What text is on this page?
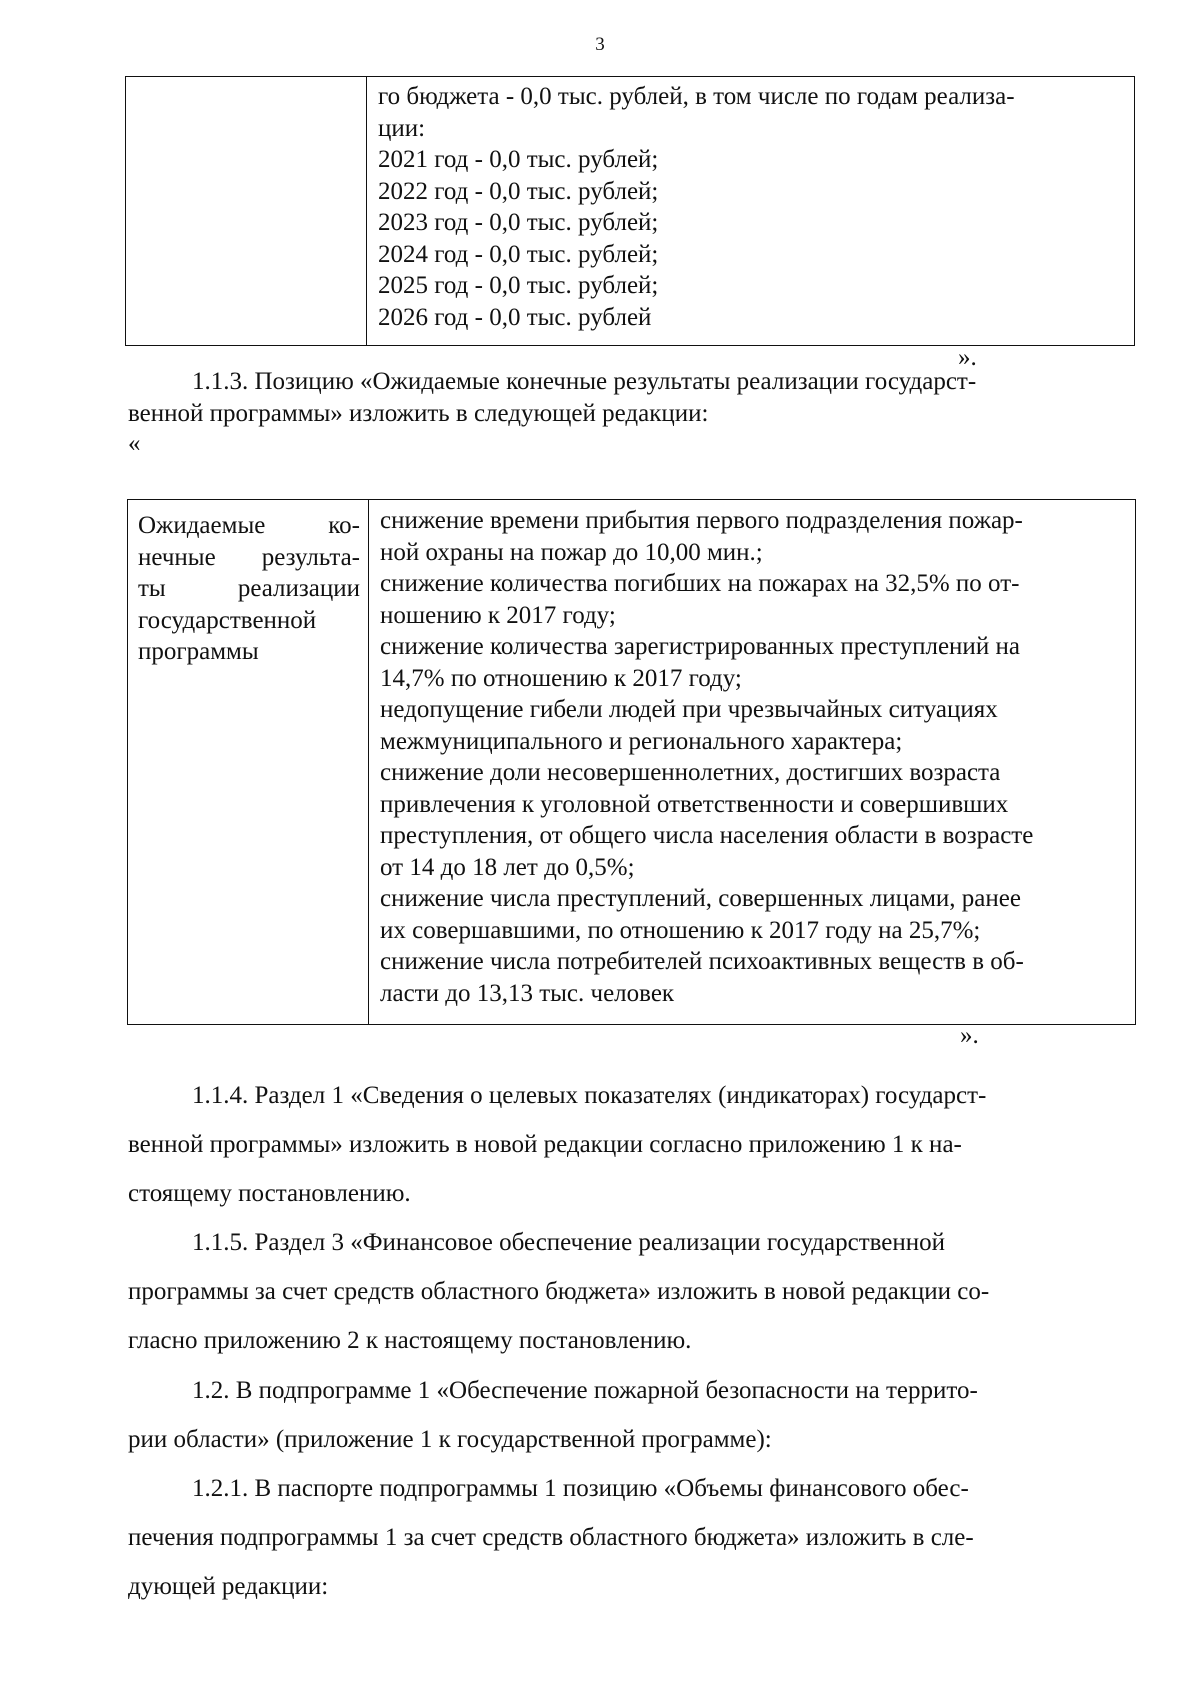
3
го бюджета - 0,0 тыс. рублей, в том числе по годам реализа-
ции:
2021 год - 0,0 тыс. рублей;
2022 год - 0,0 тыс. рублей;
2023 год - 0,0 тыс. рублей;
2024 год - 0,0 тыс. рублей;
2025 год - 0,0 тыс. рублей;
2026 год - 0,0 тыс. рублей
».
1.1.3. Позицию «Ожидаемые конечные результаты реализации государст-
венной программы» изложить в следующей редакции:
«
Ожидаемые ко-
нечные результа-
ты реализации
государственной
программы
снижение времени прибытия первого подразделения пожар-
ной охраны на пожар до 10,00 мин.;
снижение количества погибших на пожарах на 32,5% по от-
ношению к 2017 году;
снижение количества зарегистрированных преступлений на
14,7% по отношению к 2017 году;
недопущение гибели людей при чрезвычайных ситуациях
межмуниципального и регионального характера;
снижение доли несовершеннолетних, достигших возраста
привлечения к уголовной ответственности и совершивших
преступления, от общего числа населения области в возрасте
от 14 до 18 лет до 0,5%;
снижение числа преступлений, совершенных лицами, ранее
их совершавшими, по отношению к 2017 году на 25,7%;
снижение числа потребителей психоактивных веществ в об-
ласти до 13,13 тыс. человек
».
1.1.4. Раздел 1 «Сведения о целевых показателях (индикаторах) государст-
венной программы» изложить в новой редакции согласно приложению 1 к на-
стоящему постановлению.
1.1.5. Раздел 3 «Финансовое обеспечение реализации государственной
программы за счет средств областного бюджета» изложить в новой редакции со-
гласно приложению 2 к настоящему постановлению.
1.2. В подпрограмме 1 «Обеспечение пожарной безопасности на террито-
рии области» (приложение 1 к государственной программе):
1.2.1. В паспорте подпрограммы 1 позицию «Объемы финансового обес-
печения подпрограммы 1 за счет средств областного бюджета» изложить в сле-
дующей редакции:
